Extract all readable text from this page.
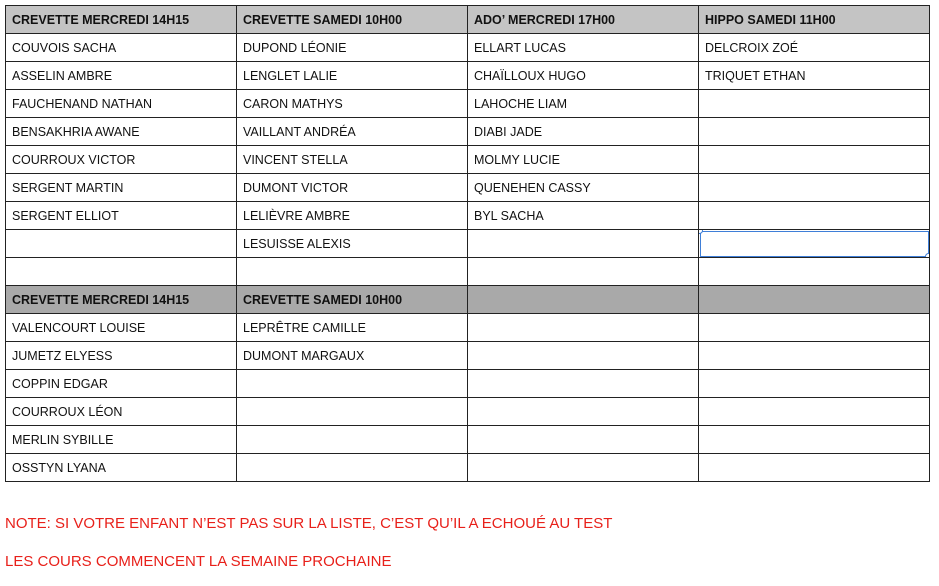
CREVETTE MERCREDI 14H15	CREVETTE SAMEDI 10H00	ADO’ MERCREDI 17H00	HIPPO SAMEDI 11H00
COUVOIS SACHA	DUPOND LÉONIE	ELLART LUCAS	DELCROIX ZOÉ
ASSELIN AMBRE	LENGLET LALIE	CHAÏLLOUX HUGO	TRIQUET ETHAN
FAUCHENAND NATHAN	CARON MATHYS	LAHOCHE LIAM	
BENSAKHRIA AWANE	VAILLANT ANDRÉA	DIABI JADE	
COURROUX VICTOR	VINCENT STELLA	MOLMY LUCIE	
SERGENT MARTIN	DUMONT VICTOR	QUENEHEN CASSY	
SERGENT ELLIOT	LELIÈVRE AMBRE	BYL SACHA	
	LESUISSE ALEXIS		

CREVETTE MERCREDI 14H15	CREVETTE SAMEDI 10H00		
VALENCOURT LOUISE	LEPRÊTRE CAMILLE		
JUMETZ ELYESS	DUMONT MARGAUX		
COPPIN EDGAR			
COURROUX LÉON			
MERLIN SYBILLE			
OSSTYN LYANA			
NOTE: SI VOTRE ENFANT N’EST PAS SUR LA LISTE, C’EST QU’IL A ECHOUÉ AU TEST
LES COURS COMMENCENT LA SEMAINE PROCHAINE
